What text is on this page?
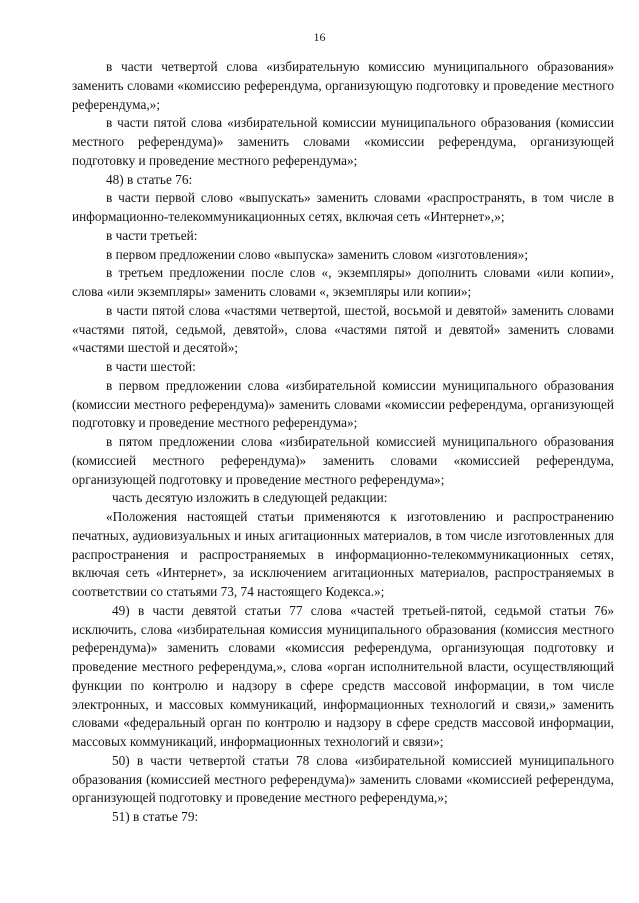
16

в части четвертой слова «избирательную комиссию муниципального образования» заменить словами «комиссию референдума, организующую подготовку и проведение местного референдума,»;

в части пятой слова «избирательной комиссии муниципального образования (комиссии местного референдума)» заменить словами «комиссии референдума, организующей подготовку и проведение местного референдума»;

48) в статье 76:

в части первой слово «выпускать» заменить словами «распространять, в том числе в информационно-телекоммуникационных сетях, включая сеть «Интернет»,»;

в части третьей:

в первом предложении слово «выпуска» заменить словом «изготовления»;

в третьем предложении после слов «, экземпляры» дополнить словами «или копии», слова «или экземпляры» заменить словами «, экземпляры или копии»;

в части пятой слова «частями четвертой, шестой, восьмой и девятой» заменить словами «частями пятой, седьмой, девятой», слова «частями пятой и девятой» заменить словами «частями шестой и десятой»;

в части шестой:

в первом предложении слова «избирательной комиссии муниципального образования (комиссии местного референдума)» заменить словами «комиссии референдума, организующей подготовку и проведение местного референдума»;

в пятом предложении слова «избирательной комиссией муниципального образования (комиссией местного референдума)» заменить словами «комиссией референдума, организующей подготовку и проведение местного референдума»;

часть десятую изложить в следующей редакции:

«Положения настоящей статьи применяются к изготовлению и распространению печатных, аудиовизуальных и иных агитационных материалов, в том числе изготовленных для распространения и распространяемых в информационно-телекоммуникационных сетях, включая сеть «Интернет», за исключением агитационных материалов, распространяемых в соответствии со статьями 73, 74 настоящего Кодекса.»;

49) в части девятой статьи 77 слова «частей третьей-пятой, седьмой статьи 76» исключить, слова «избирательная комиссия муниципального образования (комиссия местного референдума)» заменить словами «комиссия референдума, организующая подготовку и проведение местного референдума,», слова «орган исполнительной власти, осуществляющий функции по контролю и надзору в сфере средств массовой информации, в том числе электронных, и массовых коммуникаций, информационных технологий и связи,» заменить словами «федеральный орган по контролю и надзору в сфере средств массовой информации, массовых коммуникаций, информационных технологий и связи»;

50) в части четвертой статьи 78 слова «избирательной комиссией муниципального образования (комиссией местного референдума)» заменить словами «комиссией референдума, организующей подготовку и проведение местного референдума,»;

51) в статье 79:
